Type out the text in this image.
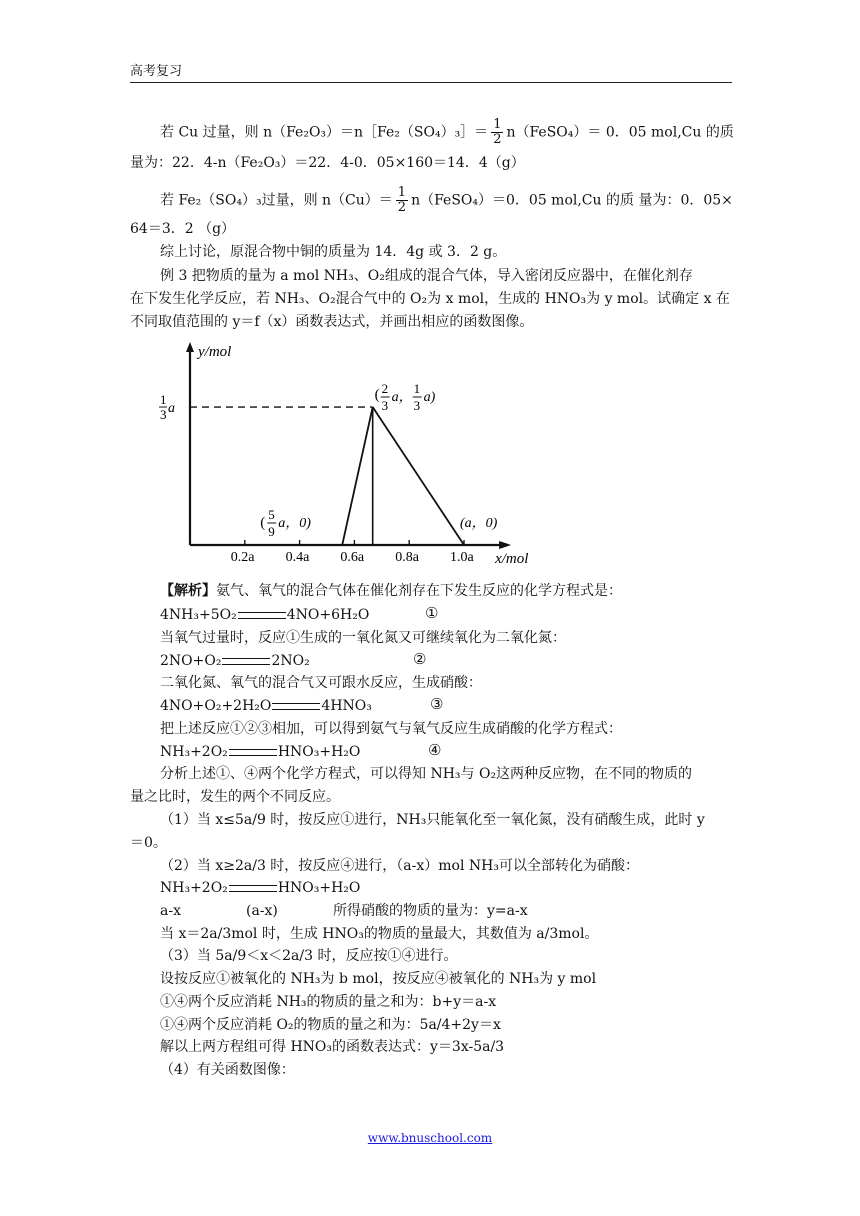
高考复习
若 Cu 过量，则 n（Fe₂O₃）＝n［Fe₂（SO₄）₃］＝ $\frac{1}{2}$ n（FeSO₄）＝ 0．05 mol,Cu 的质
量为：22．4-n（Fe₂O₃）＝22．4-0．05×160＝14．4（g）
若 Fe₂（SO₄）₃过量，则 $n(Cu)= \frac{1}{2}$ n（FeSO₄）＝0．05 mol,Cu 的质 量为：0．05×
64＝3．2 （g）
综上讨论，原混合物中铜的质量为 14．4g 或 3．2 g。
例 3 把物质的量为 a mol NH₃、O₂组成的混合气体，导入密闭反应器中，在催化剂存
在下发生化学反应，若 NH₃、O₂混合气中的 O₂为 x mol，生成的 HNO₃为 y mol。试确定 x 在
不同取值范围的 y＝f（x）函数表达式，并画出相应的函数图像。
x/mol
y/mol
0.2a 0.4a 0.6a 0.8a 1.0a
1
3 a
( 2
3
a，
1
3
a)
(
5
9
a，0)	(a，0)
【解析】氨气、氧气的混合气体在催化剂存在下发生反应的化学方程式是：
4NH₃+5O₂	4NO+6H₂O	①
当氧气过量时，反应①生成的一氧化氮又可继续氧化为二氧化氮：
2NO+O₂	2NO₂	②
二氧化氮、氧气的混合气又可跟水反应，生成硝酸：
4NO+O₂+2H₂O	4HNO₃	③
把上述反应①②③相加，可以得到氨气与氧气反应生成硝酸的化学方程式：
NH₃+2O₂	HNO₃+H₂O	④
分析上述①、④两个化学方程式，可以得知 NH₃与 O₂这两种反应物，在不同的物质的
量之比时，发生的两个不同反应。
（1）当 x≤5a/9 时，按反应①进行，NH₃只能氧化至一氧化氮，没有硝酸生成，此时 y
＝0。
（2）当 x≥2a/3 时，按反应④进行，（a-x）mol NH₃可以全部转化为硝酸：
NH₃+2O₂	HNO₃+H₂O
a-x	(a-x)	所得硝酸的物质的量为：y=a-x
当 x＝2a/3mol 时，生成 HNO₃的物质的量最大，其数值为 a/3mol。
（3）当 5a/9＜x＜2a/3 时，反应按①④进行。
设按反应①被氧化的 NH₃为 b mol，按反应④被氧化的 NH₃为 y mol
①④两个反应消耗 NH₃的物质的量之和为：b+y＝a-x
①④两个反应消耗 O₂的物质的量之和为：5a/4+2y＝x
解以上两方程组可得 HNO₃的函数表达式：y＝3x-5a/3
（4）有关函数图像：
www.bnuschool.com
